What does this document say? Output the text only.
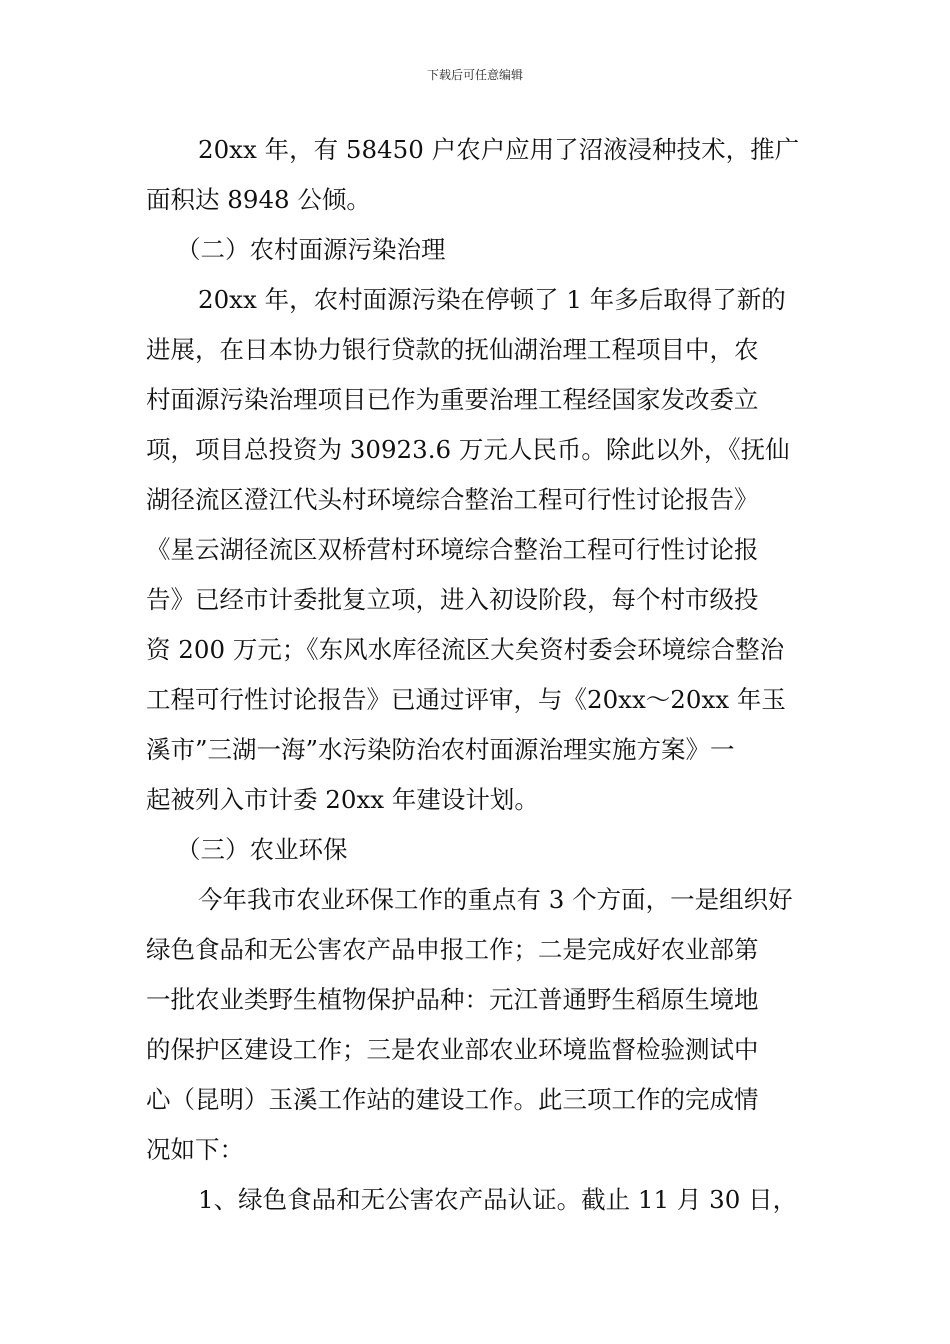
下载后可任意编辑
20xx 年，有 58450 户农户应用了沼液浸种技术，推广
面积达 8948 公倾。
（二）农村面源污染治理
20xx 年，农村面源污染在停顿了 1 年多后取得了新的
进展，在日本协力银行贷款的抚仙湖治理工程项目中，农
村面源污染治理项目已作为重要治理工程经国家发改委立
项，项目总投资为 30923.6 万元人民币。除此以外，《抚仙
湖径流区澄江代头村环境综合整治工程可行性讨论报告》
《星云湖径流区双桥营村环境综合整治工程可行性讨论报
告》已经市计委批复立项，进入初设阶段，每个村市级投
资 200 万元；《东风水库径流区大矣资村委会环境综合整治
工程可行性讨论报告》已通过评审，与《20xx～20xx 年玉
溪市”三湖一海”水污染防治农村面源治理实施方案》一
起被列入市计委 20xx 年建设计划。
（三）农业环保
今年我市农业环保工作的重点有 3 个方面，一是组织好
绿色食品和无公害农产品申报工作；二是完成好农业部第
一批农业类野生植物保护品种：元江普通野生稻原生境地
的保护区建设工作；三是农业部农业环境监督检验测试中
心（昆明）玉溪工作站的建设工作。此三项工作的完成情
况如下：
1、绿色食品和无公害农产品认证。截止 11 月 30 日，
